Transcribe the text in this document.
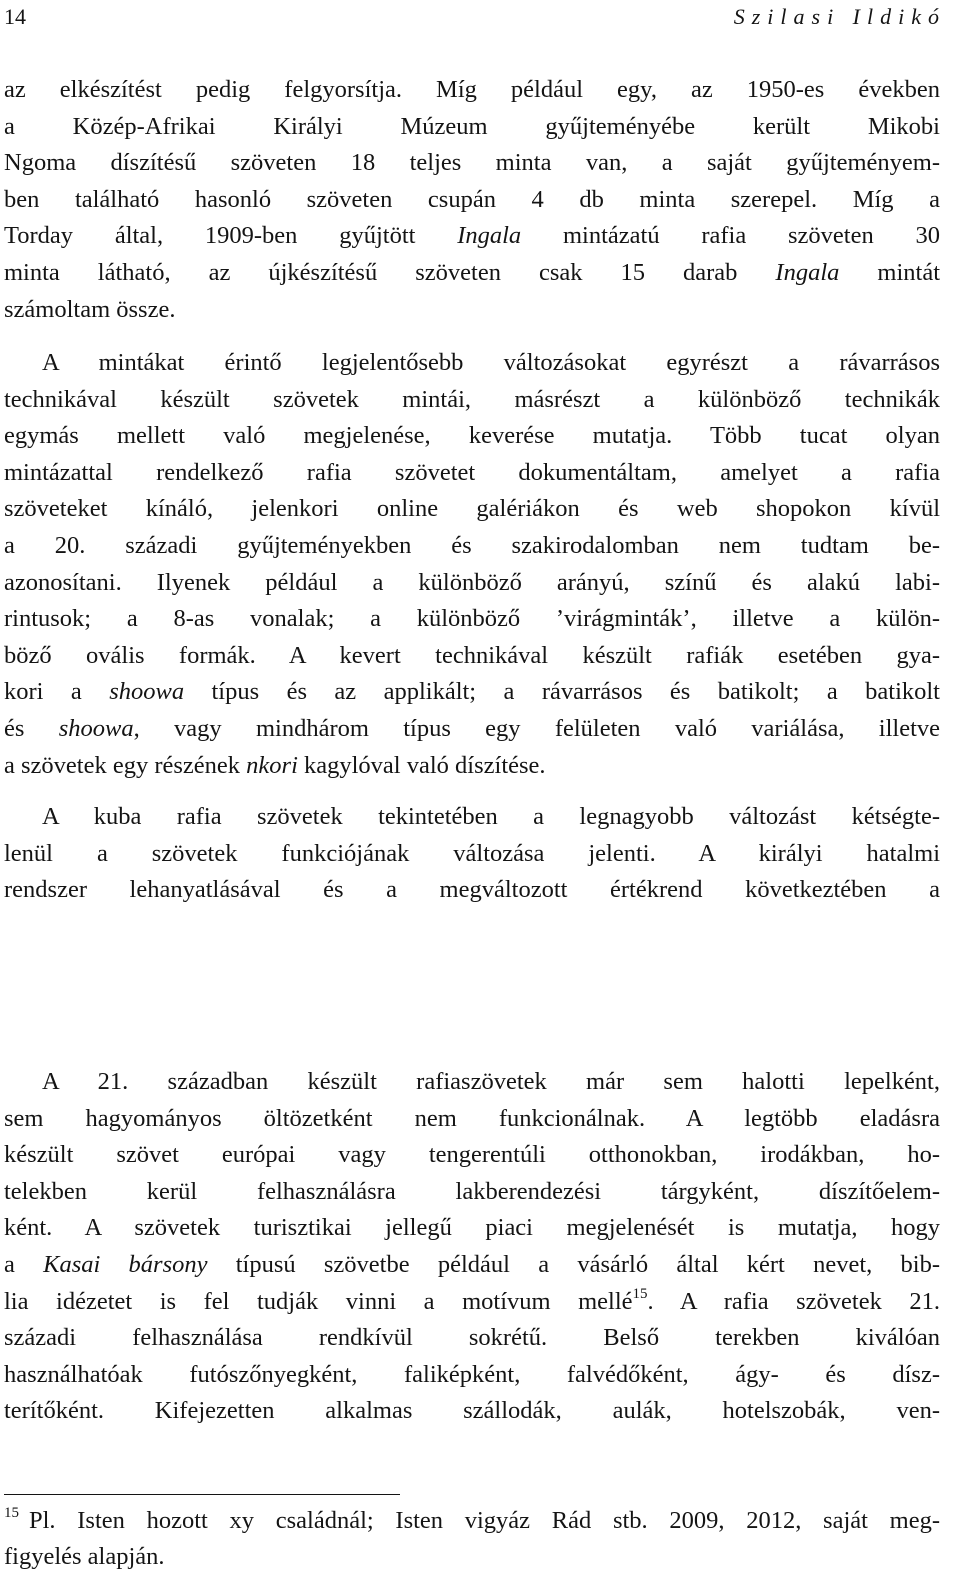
14	Szilasi Ildikó
az elkészítést pedig felgyorsítja. Míg például egy, az 1950-es években
a Közép-Afrikai Királyi Múzeum gyűjteményébe került Mikobi
Ngoma díszítésű szöveten 18 teljes minta van, a saját gyűjteményem-
ben található hasonló szöveten csupán 4 db minta szerepel. Míg a
Torday által, 1909-ben gyűjtött Ingala mintázatú rafia szöveten 30
minta látható, az újkészítésű szöveten csak 15 darab Ingala mintát
számoltam össze.
A mintákat érintő legjelentősebb változásokat egyrészt a rávarrásos
technikával készült szövetek mintái, másrészt a különböző technikák
egymás mellett való megjelenése, keverése mutatja. Több tucat olyan
mintázattal rendelkező rafia szövetet dokumentáltam, amelyet a rafia
szöveteket kínáló, jelenkori online galériákon és web shopokon kívül
a 20. századi gyűjteményekben és szakirodalomban nem tudtam be-
azonosítani. Ilyenek például a különböző arányú, színű és alakú labi-
rintusok; a 8-as vonalak; a különböző ’virágminták’, illetve a külön-
böző ovális formák. A kevert technikával készült rafiák esetében gya-
kori a shoowa típus és az applikált; a rávarrásos és batikolt; a batikolt
és shoowa, vagy mindhárom típus egy felületen való variálása, illetve
a szövetek egy részének nkori kagylóval való díszítése.
A kuba rafia szövetek tekintetében a legnagyobb változást kétségte-
lenül a szövetek funkciójának változása jelenti. A királyi hatalmi
rendszer lehanyatlásával és a megváltozott értékrend következtében a
A 21. században készült rafiaszövetek már sem halotti lepelként,
sem hagyományos öltözetként nem funkcionálnak. A legtöbb eladásra
készült szövet európai vagy tengerentúli otthonokban, irodákban, ho-
telekben kerül felhasználásra lakberendezési tárgyként, díszítőelem-
ként. A szövetek turisztikai jellegű piaci megjelenését is mutatja, hogy
a Kasai bársony típusú szövetbe például a vásárló által kért nevet, bib-
lia idézetet is fel tudják vinni a motívum mellé$^{15}$. A rafia szövetek 21.
századi felhasználása rendkívül sokrétű. Belső terekben kiválóan
használhatóak futószőnyegként, faliképként, falvédőként, ágy- és dísz-
terítőként. Kifejezetten alkalmas szállodák, aulák, hotelszobák, ven-
$^{15}$ Pl. Isten hozott xy családnál; Isten vigyáz Rád stb. 2009, 2012, saját meg-
figyelés alapján.
